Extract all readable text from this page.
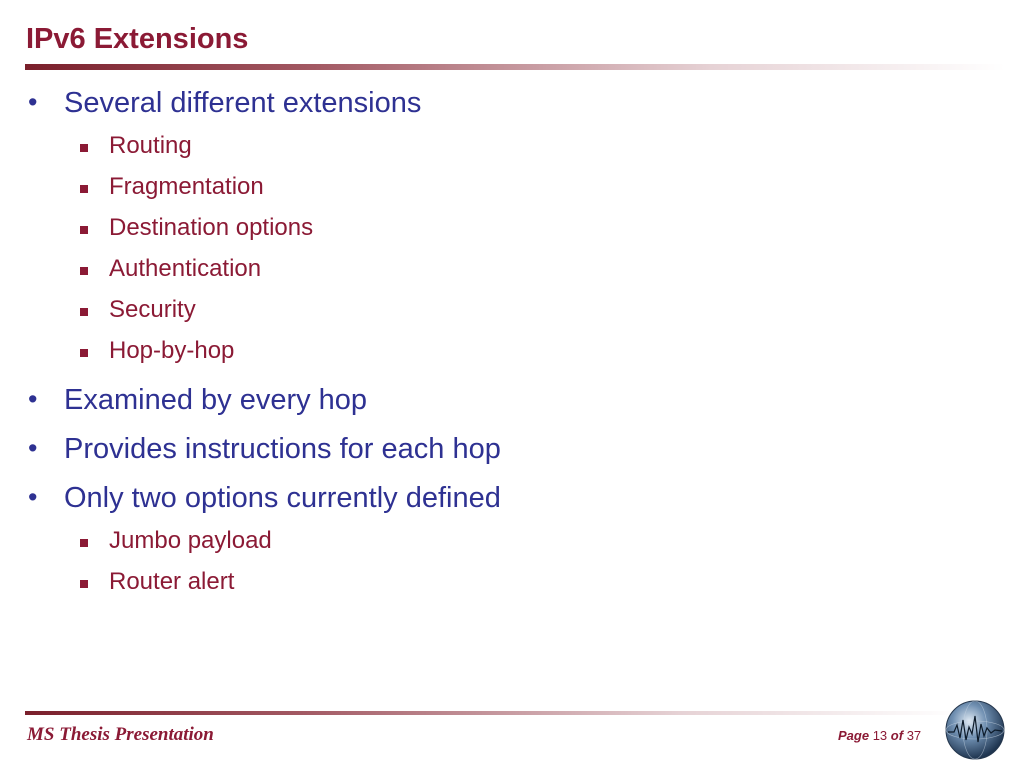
IPv6 Extensions
• Several different extensions
Routing
Fragmentation
Destination options
Authentication
Security
Hop-by-hop
• Examined by every hop
• Provides instructions for each hop
• Only two options currently defined
Jumbo payload
Router alert
MS Thesis Presentation	Page 13 of 37
